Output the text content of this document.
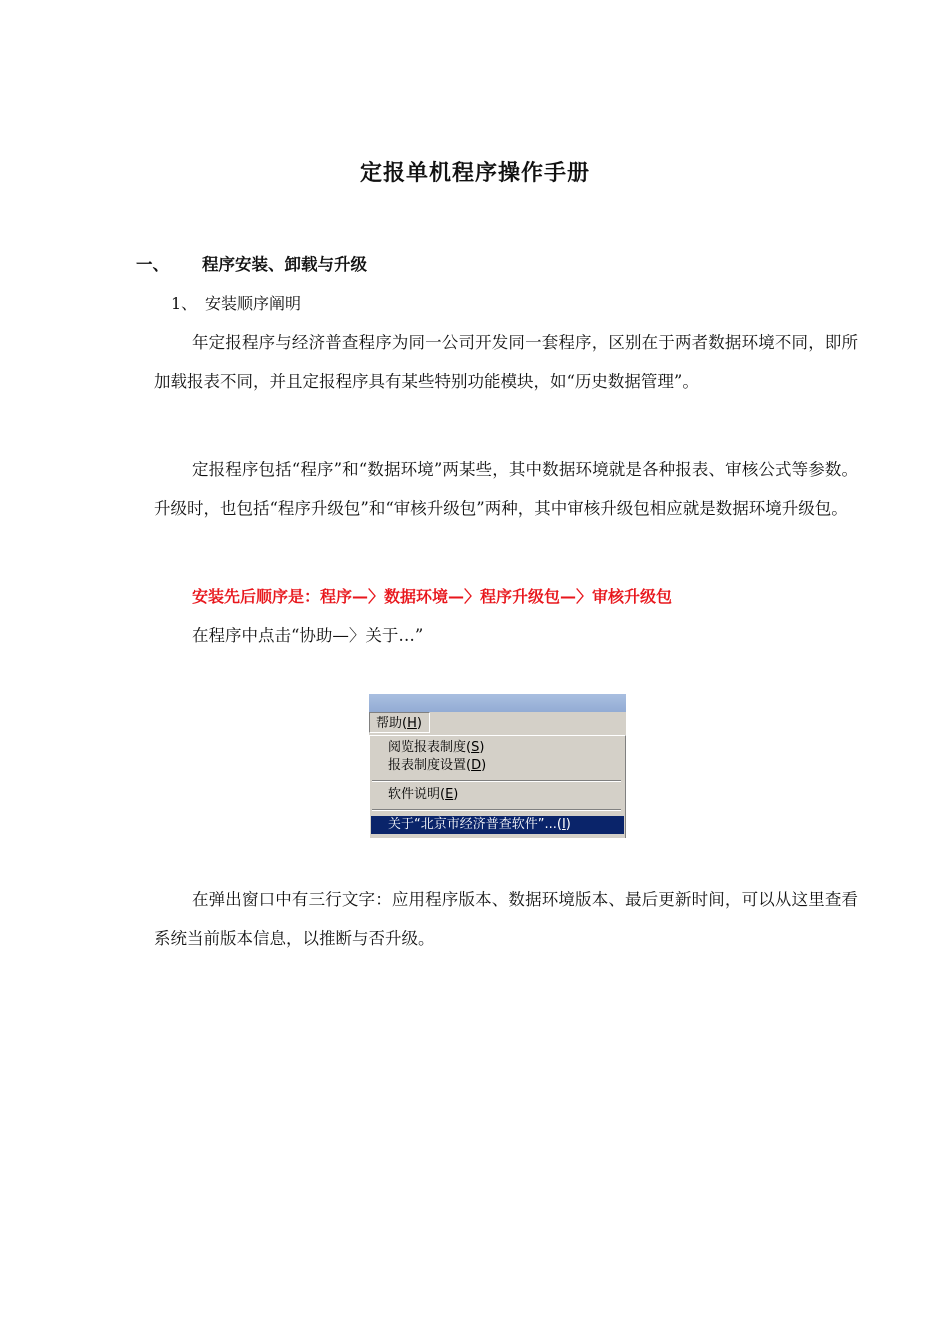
定报单机程序操作手册
一、 程序安装、卸载与升级
1、 安装顺序阐明

年定报程序与经济普查程序为同一公司开发同一套程序，区别在于两者数据环境不同，即所加载报表不同，并且定报程序具有某些特别功能模块，如“历史数据管理”。

定报程序包括“程序”和“数据环境”两某些，其中数据环境就是各种报表、审核公式等参数。升级时，也包括“程序升级包”和“审核升级包”两种，其中审核升级包相应就是数据环境升级包。

安装先后顺序是：程序—〉数据环境—〉程序升级包—〉审核升级包
在程序中点击“协助—〉关于…”
帮助(H)
阅览报表制度(S)
报表制度设置(D)
软件说明(E)
关于“北京市经济普查软件”...(I)

在弹出窗口中有三行文字：应用程序版本、数据环境版本、最后更新时间，可以从这里查看系统当前版本信息，以推断与否升级。
